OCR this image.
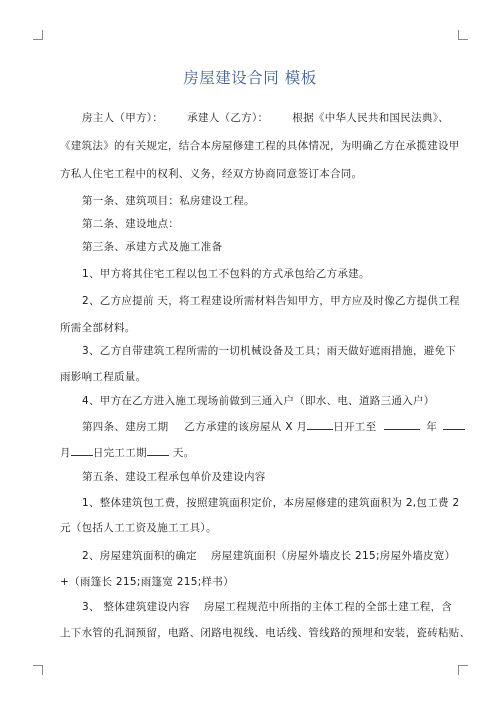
房屋建设合同 模板
房主人（甲方）： 承建人（乙方）： 根据《中华人民共和国民法典》、
《建筑法》的有关规定，结合本房屋修建工程的具体情况，为明确乙方在承揽建设甲
方私人住宅工程中的权利、义务，经双方协商同意签订本合同。
第一条、建筑项目：私房建设工程。
第二条、建设地点：
第三条、承建方式及施工准备
1、甲方将其住宅工程以包工不包料的方式承包给乙方承建。
2、乙方应提前 天，将工程建设所需材料告知甲方，甲方应及时像乙方提供工程
所需全部材料。
3、乙方自带建筑工程所需的一切机械设备及工具；雨天做好遮雨措施，避免下
雨影响工程质量。
4、甲方在乙方进入施工现场前做到三通入户（即水、电、道路三通入户）
第四条、建房工期 乙方承建的该房屋从 X 月 日开工至	年
月 日完工工期 天。
第五条、建设工程承包单价及建设内容
1、整体建筑包工费，按照建筑面积定价，本房屋修建的建筑面积为 2,包工费 2
元（包括人工工资及施工工具）。
2、房屋建筑面积的确定 房屋建筑面积（房屋外墙皮长 215;房屋外墙皮宽）
+（雨篷长 215;雨篷宽 215;样书）
3、 整体建筑建设内容 房屋工程规范中所指的主体工程的全部土建工程，含
上下水管的孔洞预留，电路、闭路电视线、电话线、管线路的预埋和安装，瓷砖粘贴、
